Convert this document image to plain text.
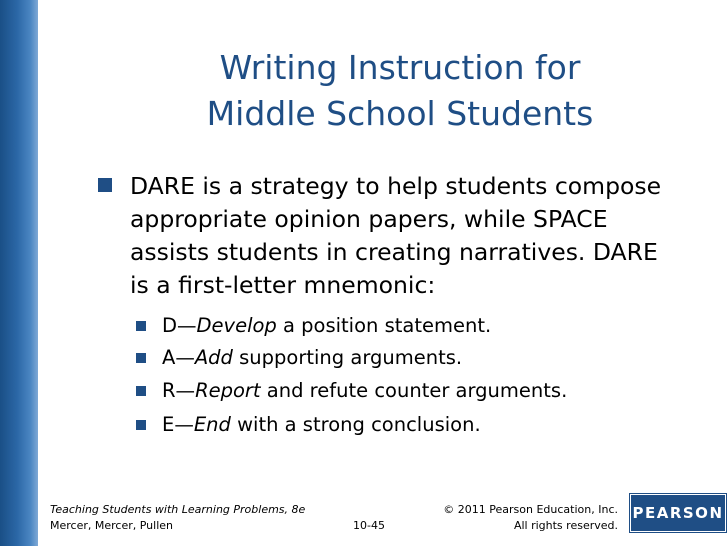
Writing Instruction for
Middle School Students
DARE is a strategy to help students compose
appropriate opinion papers, while SPACE
assists students in creating narratives. DARE
is a first-letter mnemonic:
D—Develop a position statement.
A—Add supporting arguments.
R—Report and refute counter arguments.
E—End with a strong conclusion.
Teaching Students with Learning Problems, 8e
Mercer, Mercer, Pullen	10-45
© 2011 Pearson Education, Inc.
All rights reserved.
PEARSON
